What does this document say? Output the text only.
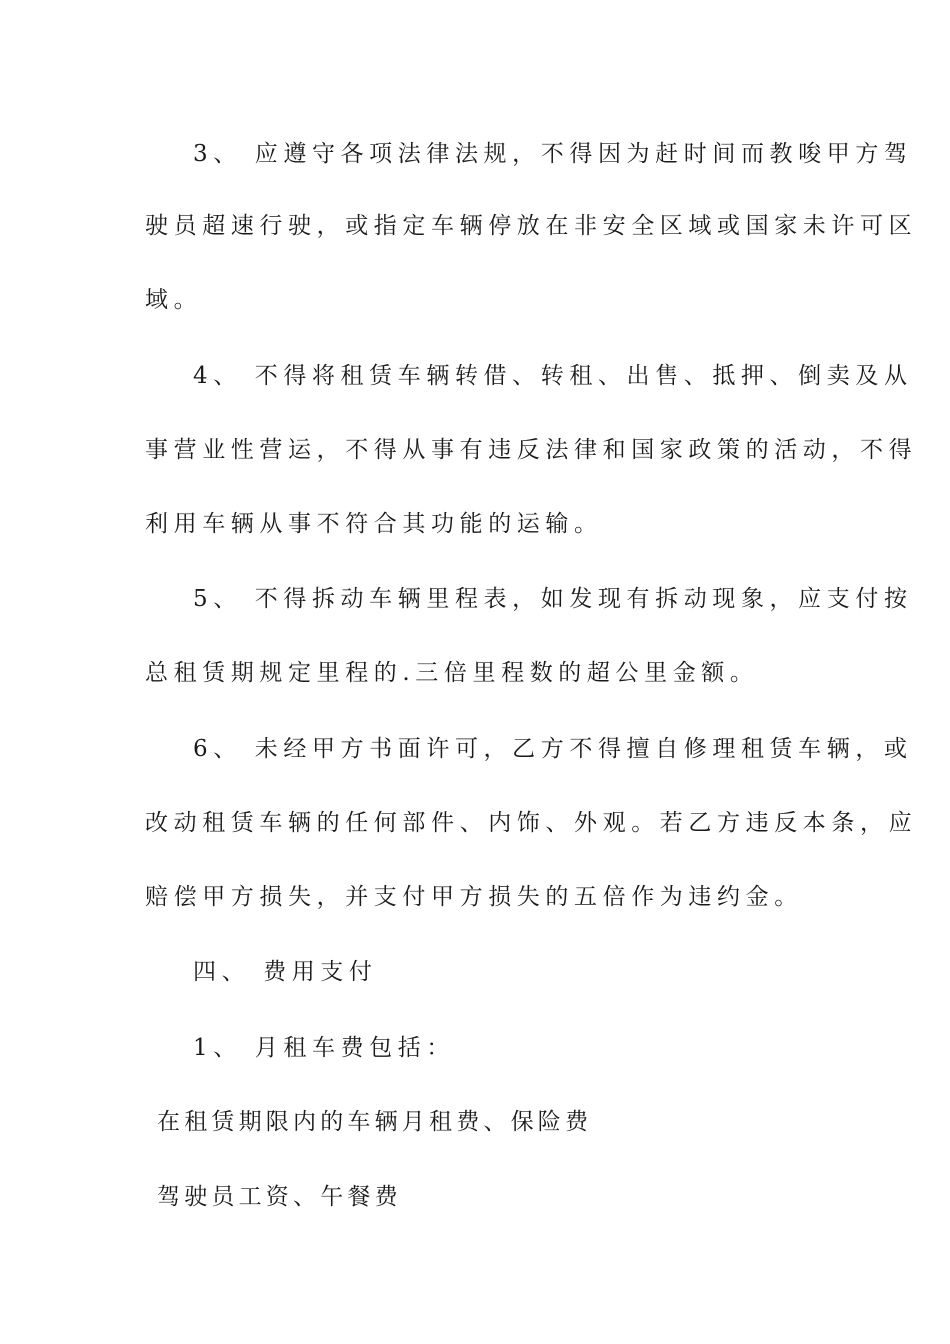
3、 应遵守各项法律法规，不得因为赶时间而教唆甲方驾
驶员超速行驶，或指定车辆停放在非安全区域或国家未许可区
域。
4、 不得将租赁车辆转借、转租、出售、抵押、倒卖及从
事营业性营运，不得从事有违反法律和国家政策的活动，不得
利用车辆从事不符合其功能的运输。
5、 不得拆动车辆里程表，如发现有拆动现象，应支付按
总租赁期规定里程的.三倍里程数的超公里金额。
6、 未经甲方书面许可，乙方不得擅自修理租赁车辆，或
改动租赁车辆的任何部件、内饰、外观。若乙方违反本条，应
赔偿甲方损失，并支付甲方损失的五倍作为违约金。
四、 费用支付
1、 月租车费包括：
在租赁期限内的车辆月租费、保险费
驾驶员工资、午餐费
